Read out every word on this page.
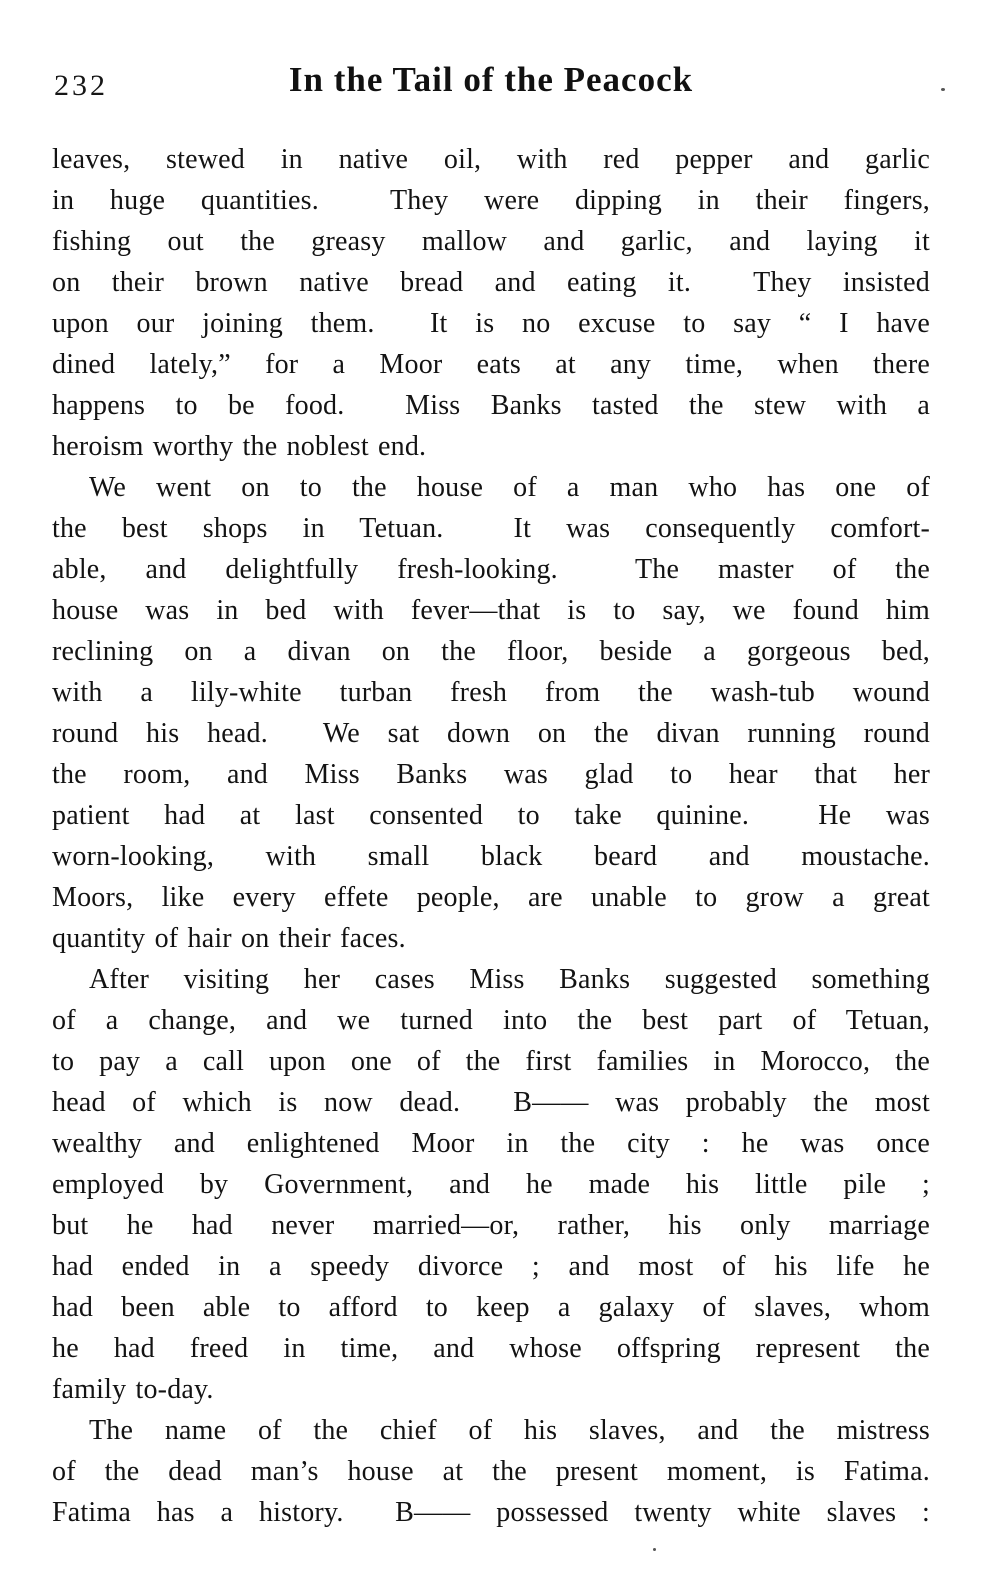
232	In the Tail of the Peacock
leaves, stewed in native oil, with red pepper and garlic
in huge quantities.  They were dipping in their fingers,
fishing out the greasy mallow and garlic, and laying it
on their brown native bread and eating it.  They insisted
upon our joining them.  It is no excuse to say “ I have
dined lately,” for a Moor eats at any time, when there
happens to be food.  Miss Banks tasted the stew with a
heroism worthy the noblest end.
We went on to the house of a man who has one of
the best shops in Tetuan.  It was consequently comfort-
able, and delightfully fresh-looking.  The master of the
house was in bed with fever—that is to say, we found him
reclining on a divan on the floor, beside a gorgeous bed,
with a lily-white turban fresh from the wash-tub wound
round his head.  We sat down on the divan running round
the room, and Miss Banks was glad to hear that her
patient had at last consented to take quinine.  He was
worn-looking, with small black beard and moustache.
Moors, like every effete people, are unable to grow a great
quantity of hair on their faces.
After visiting her cases Miss Banks suggested something
of a change, and we turned into the best part of Tetuan,
to pay a call upon one of the first families in Morocco, the
head of which is now dead.  B—— was probably the most
wealthy and enlightened Moor in the city : he was once
employed by Government, and he made his little pile ;
but he had never married—or, rather, his only marriage
had ended in a speedy divorce ; and most of his life he
had been able to afford to keep a galaxy of slaves, whom
he had freed in time, and whose offspring represent the
family to-day.
The name of the chief of his slaves, and the mistress
of the dead man’s house at the present moment, is Fatima.
Fatima has a history.  B—— possessed twenty white slaves :
